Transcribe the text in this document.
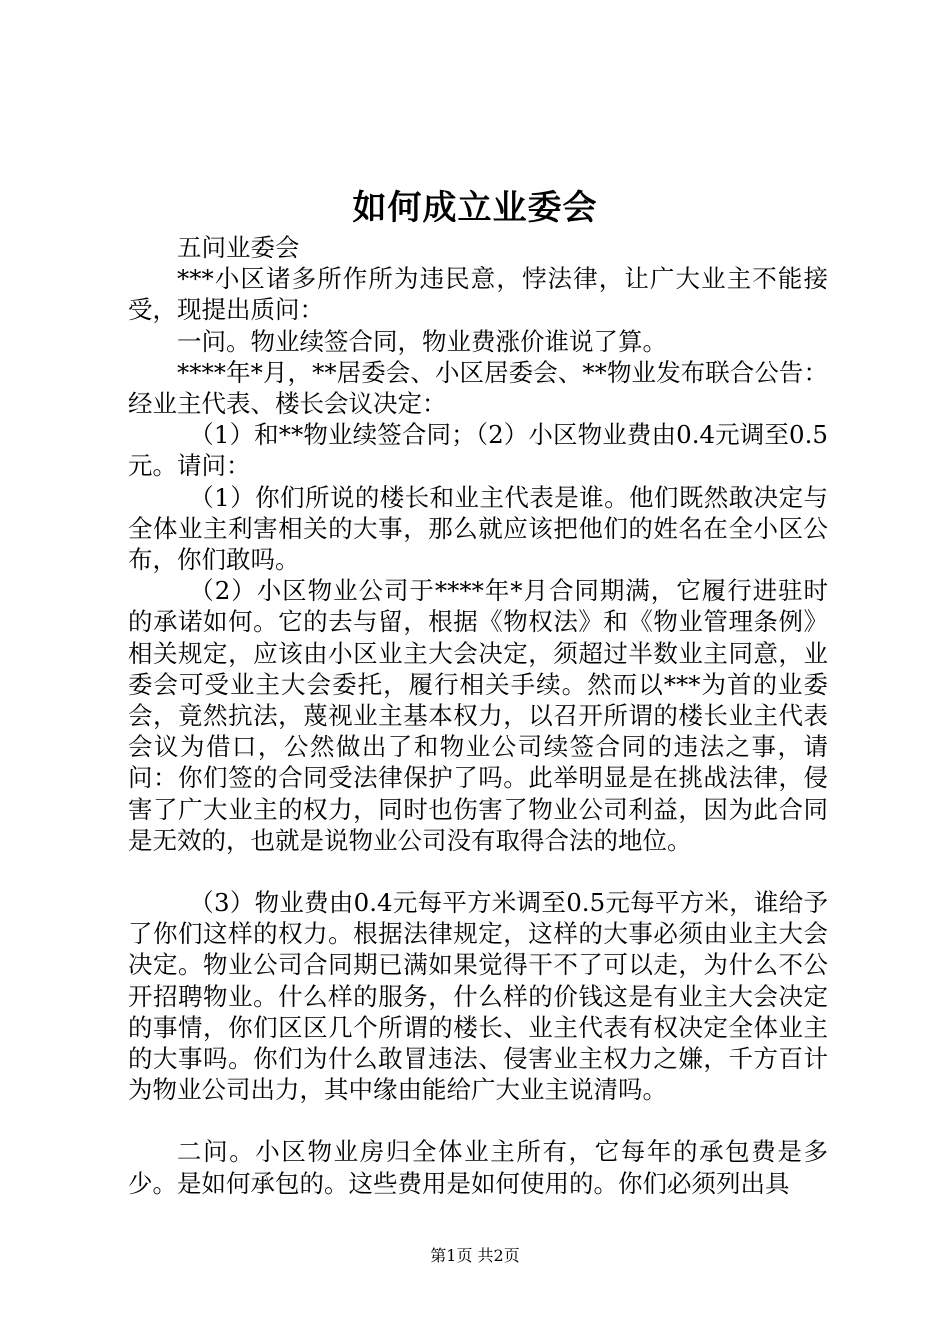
如何成立业委会

五问业委会

***小区诸多所作所为违民意，悖法律，让广大业主不能接受，现提出质问：

一问。物业续签合同，物业费涨价谁说了算。

****年*月，**居委会、小区居委会、**物业发布联合公告：经业主代表、楼长会议决定：

（1）和**物业续签合同；（2）小区物业费由0.4元调至0.5元。请问：

（1）你们所说的楼长和业主代表是谁。他们既然敢决定与全体业主利害相关的大事，那么就应该把他们的姓名在全小区公布，你们敢吗。

（2）小区物业公司于****年*月合同期满，它履行进驻时的承诺如何。它的去与留，根据《物权法》和《物业管理条例》相关规定，应该由小区业主大会决定，须超过半数业主同意，业委会可受业主大会委托，履行相关手续。然而以***为首的业委会，竟然抗法，蔑视业主基本权力，以召开所谓的楼长业主代表会议为借口，公然做出了和物业公司续签合同的违法之事，请问：你们签的合同受法律保护了吗。此举明显是在挑战法律，侵害了广大业主的权力，同时也伤害了物业公司利益，因为此合同是无效的，也就是说物业公司没有取得合法的地位。

（3）物业费由0.4元每平方米调至0.5元每平方米，谁给予了你们这样的权力。根据法律规定，这样的大事必须由业主大会决定。物业公司合同期已满如果觉得干不了可以走，为什么不公开招聘物业。什么样的服务，什么样的价钱这是有业主大会决定的事情，你们区区几个所谓的楼长、业主代表有权决定全体业主的大事吗。你们为什么敢冒违法、侵害业主权力之嫌，千方百计为物业公司出力，其中缘由能给广大业主说清吗。

二问。小区物业房归全体业主所有，它每年的承包费是多少。是如何承包的。这些费用是如何使用的。你们必须列出具

第1页 共2页
